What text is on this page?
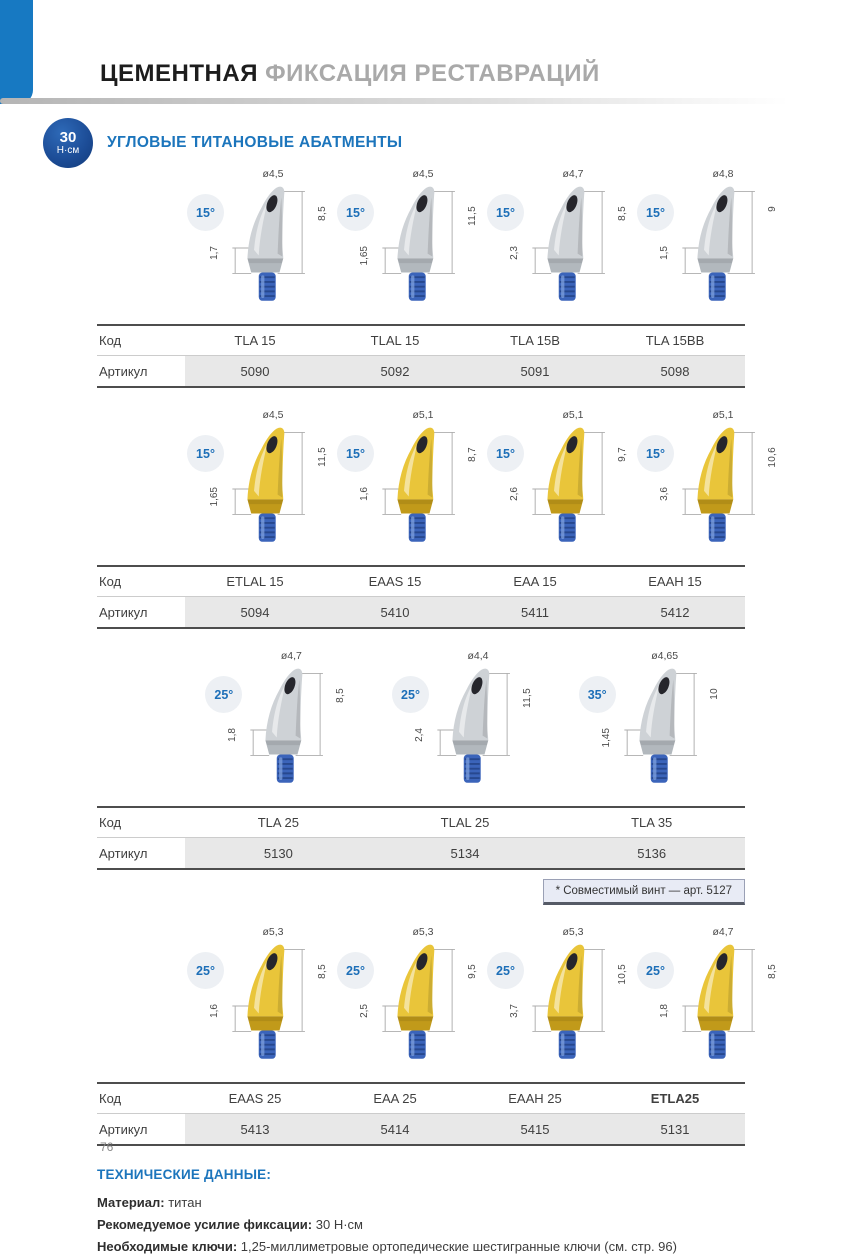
ЦЕМЕНТНАЯ ФИКСАЦИЯ РЕСТАВРАЦИЙ
30
Н·см УГЛОВЫЕ ТИТАНОВЫЕ АБАТМЕНТЫ
ø4,5
15°	8,5
1,7
ø4,5
15°	11,5
1,65
ø4,7
15°	8,5
2,3
ø4,8
15°	9
1,5
Код	TLA 15	TLAL 15	TLA 15B	TLA 15BB
Артикул	5090	5092	5091	5098
ø4,5
15°	11,5
1,65
ø5,1
15°	8,7
1,6
ø5,1
15°	9,7
2,6
ø5,1
15°	10,6
3,6
Код	ETLAL 15	EAAS 15	EAA 15	EAAH 15
Артикул	5094	5410	5411	5412
ø4,7
25°	8,5
1,8
ø4,4
25°	11,5
2,4
ø4,65
35°	10
1,45
Код	TLA 25	TLAL 25	TLA 35
Артикул	5130	5134	5136
* Совместимый винт — арт. 5127
ø5,3
25°	8,5
1,6
ø5,3
25°	9,5
2,5
ø5,3
25°	10,5
3,7
ø4,7
25°	8,5
1,8
Код	EAAS 25	EAA 25	EAAH 25	ETLA25
Артикул	5413	5414	5415	5131
ТЕХНИЧЕСКИЕ ДАННЫЕ:
Материал: титан
Рекомедуемое усилие фиксации: 30 Н·см
Необходимые ключи: 1,25-миллиметровые ортопедические шестигранные ключи (см. стр. 96)
76
